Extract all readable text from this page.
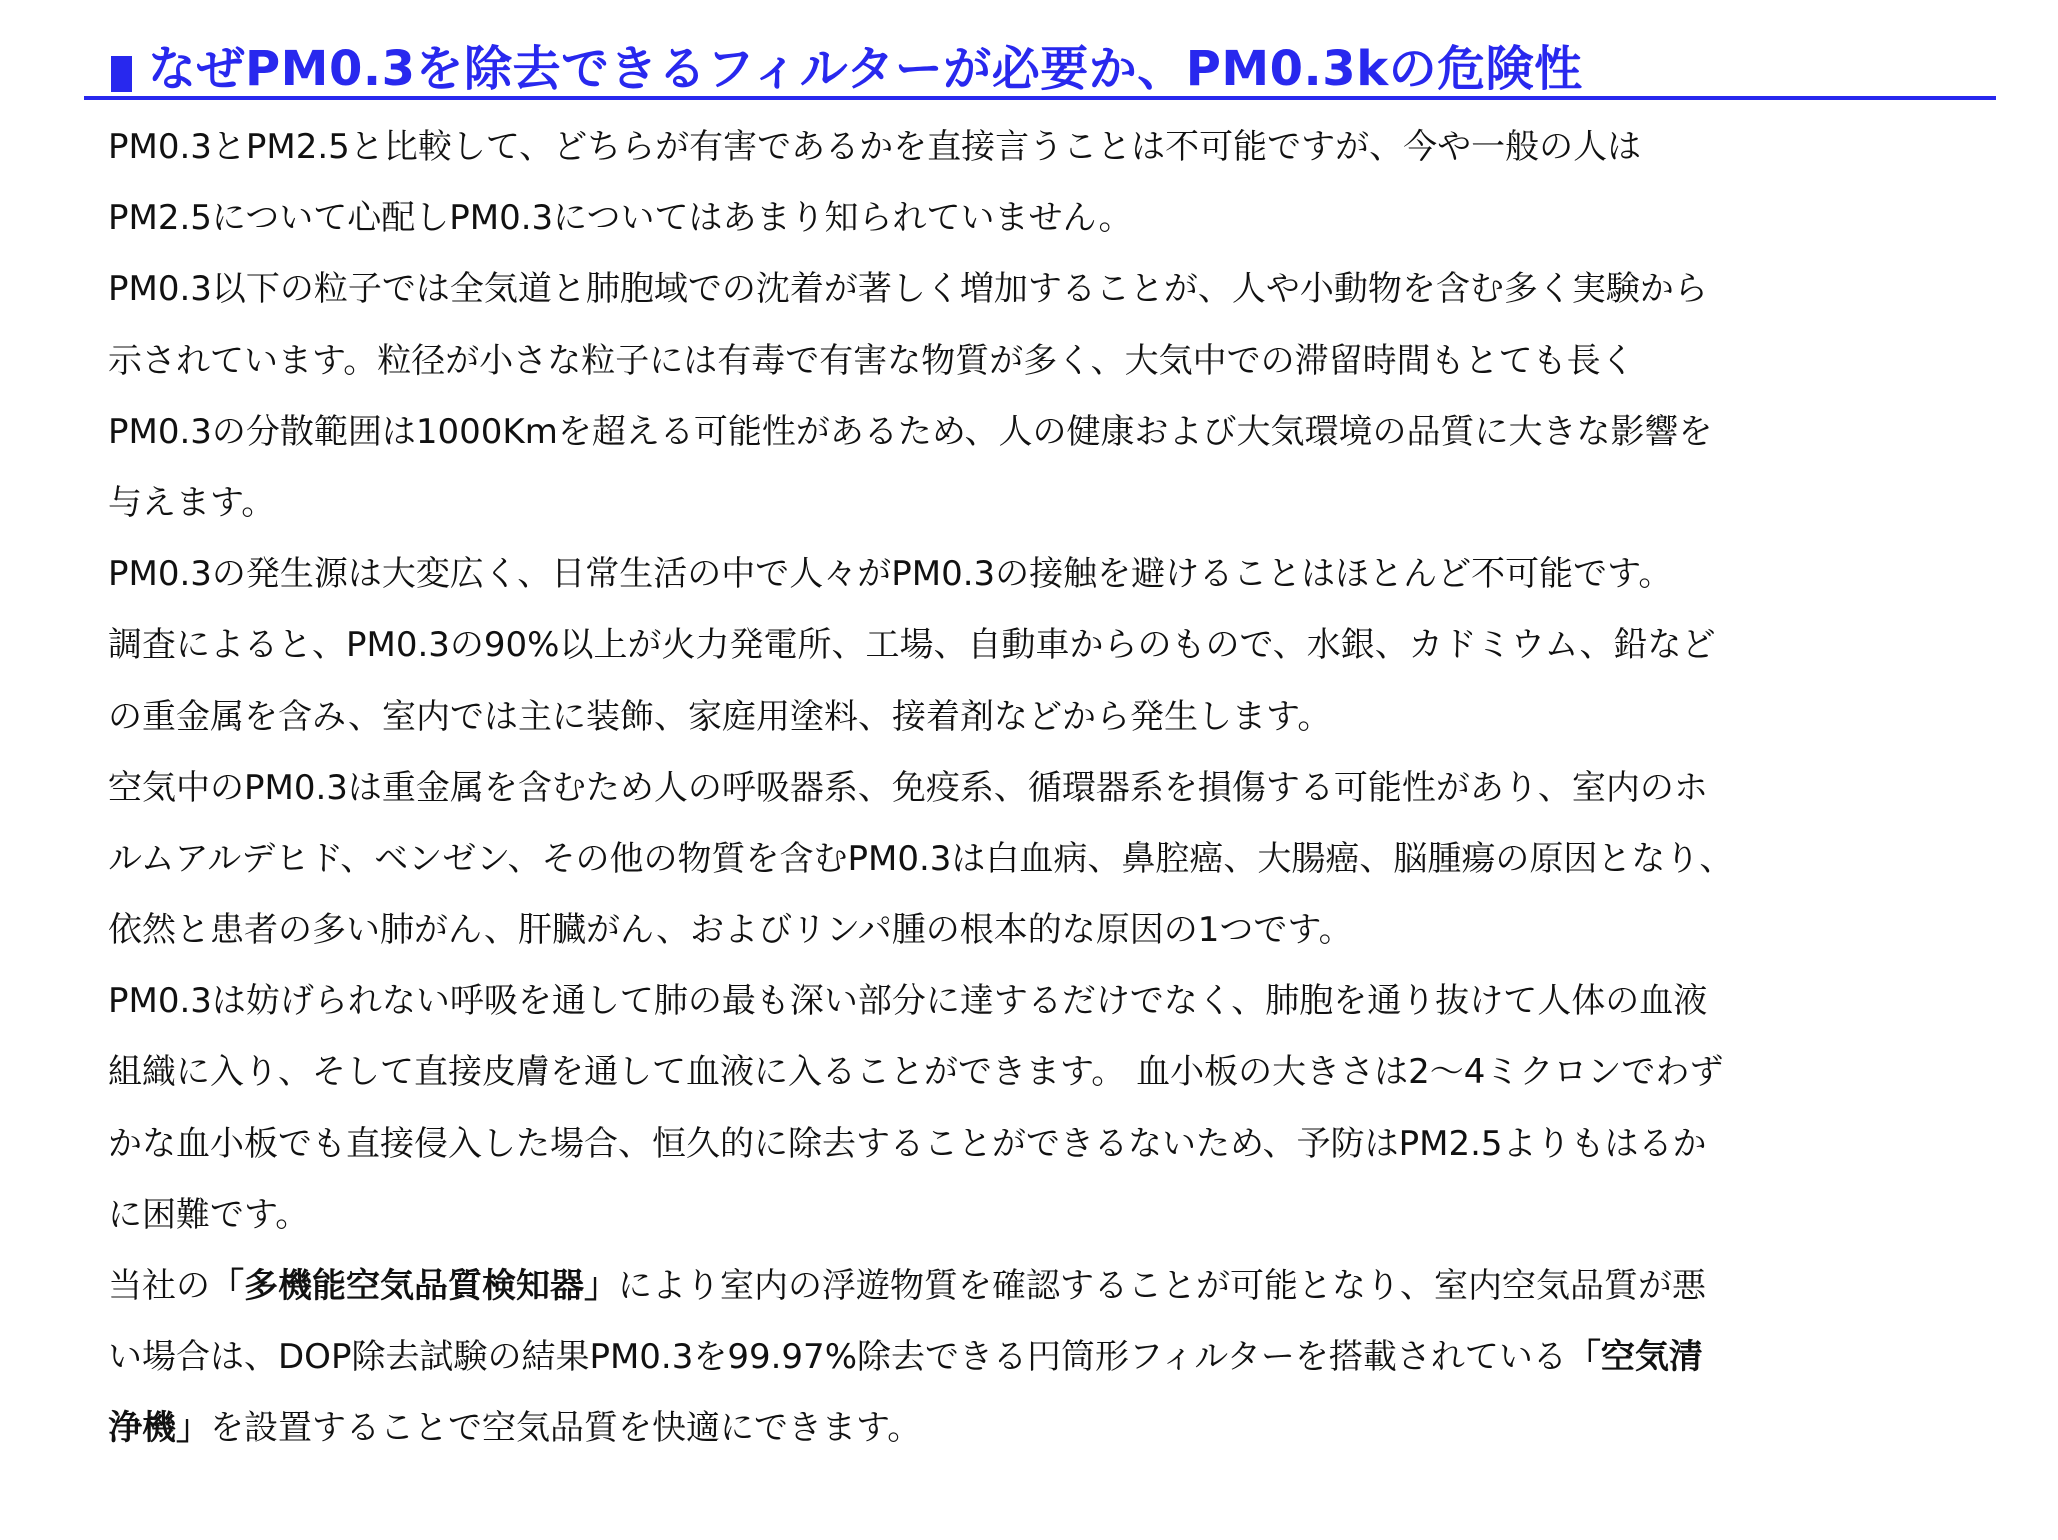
なぜPM0.3を除去できるフィルターが必要か、PM0.3kの危険性
PM0.3とPM2.5と比較して、どちらが有害であるかを直接言うことは不可能ですが、今や一般の人は
PM2.5について心配しPM0.3についてはあまり知られていません。
PM0.3以下の粒子では全気道と肺胞域での沈着が著しく増加することが、人や小動物を含む多く実験から
示されています。粒径が小さな粒子には有毒で有害な物質が多く、大気中での滞留時間もとても長く
PM0.3の分散範囲は1000Kmを超える可能性があるため、人の健康および大気環境の品質に大きな影響を
与えます。
PM0.3の発生源は大変広く、日常生活の中で人々がPM0.3の接触を避けることはほとんど不可能です。
調査によると、PM0.3の90%以上が火力発電所、工場、自動車からのもので、水銀、カドミウム、鉛など
の重金属を含み、室内では主に装飾、家庭用塗料、接着剤などから発生します。
空気中のPM0.3は重金属を含むため人の呼吸器系、免疫系、循環器系を損傷する可能性があり、室内のホ
ルムアルデヒド、ベンゼン、その他の物質を含むPM0.3は白血病、鼻腔癌、大腸癌、脳腫瘍の原因となり、
依然と患者の多い肺がん、肝臓がん、およびリンパ腫の根本的な原因の1つです。
PM0.3は妨げられない呼吸を通して肺の最も深い部分に達するだけでなく、肺胞を通り抜けて人体の血液
組織に入り、そして直接皮膚を通して血液に入ることができます。 血小板の大きさは2～4ミクロンでわず
かな血小板でも直接侵入した場合、恒久的に除去することができるないため、予防はPM2.5よりもはるか
に困難です。
当社の「多機能空気品質検知器」により室内の浮遊物質を確認することが可能となり、室内空気品質が悪
い場合は、DOP除去試験の結果PM0.3を99.97%除去できる円筒形フィルターを搭載されている「空気清
浄機」を設置することで空気品質を快適にできます。
